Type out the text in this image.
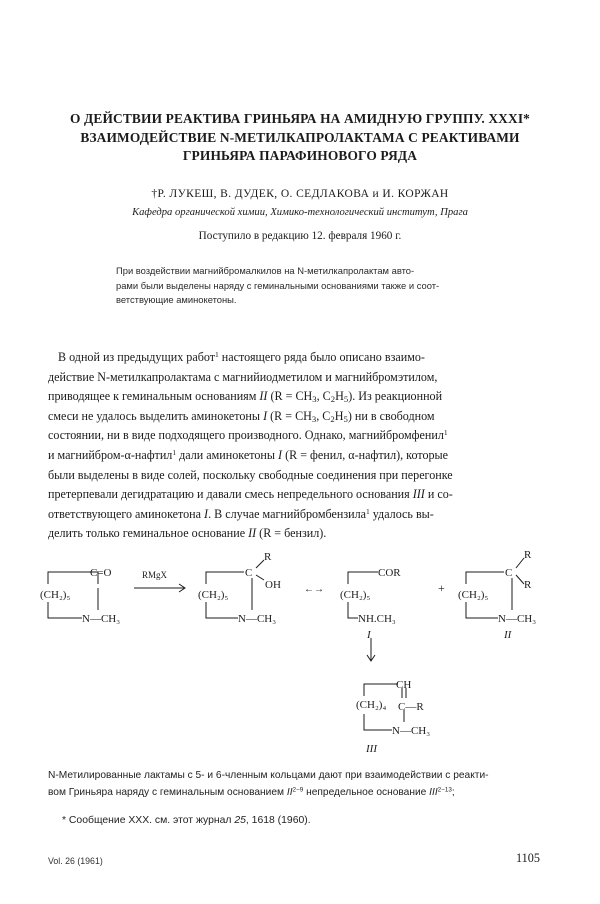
О ДЕЙСТВИИ РЕАКТИВА ГРИНЬЯРА НА АМИДНУЮ ГРУППУ. XXXI*
ВЗАИМОДЕЙСТВИЕ N-МЕТИЛКАПРОЛАКТАМА С РЕАКТИВАМИ
ГРИНЬЯРА ПАРАФИНОВОГО РЯДА
†Р. ЛУКЕШ, В. ДУДЕК, О. СЕДЛАКОВА и И. КОРЖАН
Кафедра органической химии, Химико-технологический институт, Прага
Поступило в редакцию 12. февраля 1960 г.
При воздействии магнийбромалкилов на N-метилкапролактам авто-
рами были выделены наряду с геминальными основаниями также и соот-
ветствующие аминокетоны.
В одной из предыдущих работ$^1$ настоящего ряда было описано взаимо-
действие N-метилкапролактама с магнийиодметилом и магнийбромэтилом,
приводящее к геминальным основаниям II ($R = CH_3$, $C_2H_5$). Из реакционной
смеси не удалось выделить аминокетоны I ($R = CH_3$, $C_2H_5$) ни в свободном
состоянии, ни в виде подходящего производного. Однако, магнийбромфенил$^1$
и магнийбром-α-нафтил$^1$ дали аминокетоны I (R = фенил, α-нафтил), которые
были выделены в виде солей, поскольку свободные соединения при перегонке
претерпевали дегидратацию и давали смесь непредельного основания III и со-
ответствующего аминокетона I. В случае магнийбромбензила$^1$ удалось вы-
делить только геминальное основание II (R = бензил).
C=O
(CH₂)₅
N—CH₃
RMgX
R
C
OH
(CH₂)₅
N—CH₃
←→
COR
(CH₂)₅
NH.CH₃
I
+
R
C
R
(CH₂)₅
N—CH₃
II
CH
(CH₂)₄ C—R
N—CH₃
III
N-Метилированные лактамы с 5- и 6-членным кольцами дают при взаимодействии с реакти-
вом Гриньяра наряду с геминальным основанием $II^{2-9}$ непредельное основание $III^{2-13}$;
* Сообщение XXX. см. этот журнал 25, 1618 (1960).
Vol. 26 (1961)	1105
